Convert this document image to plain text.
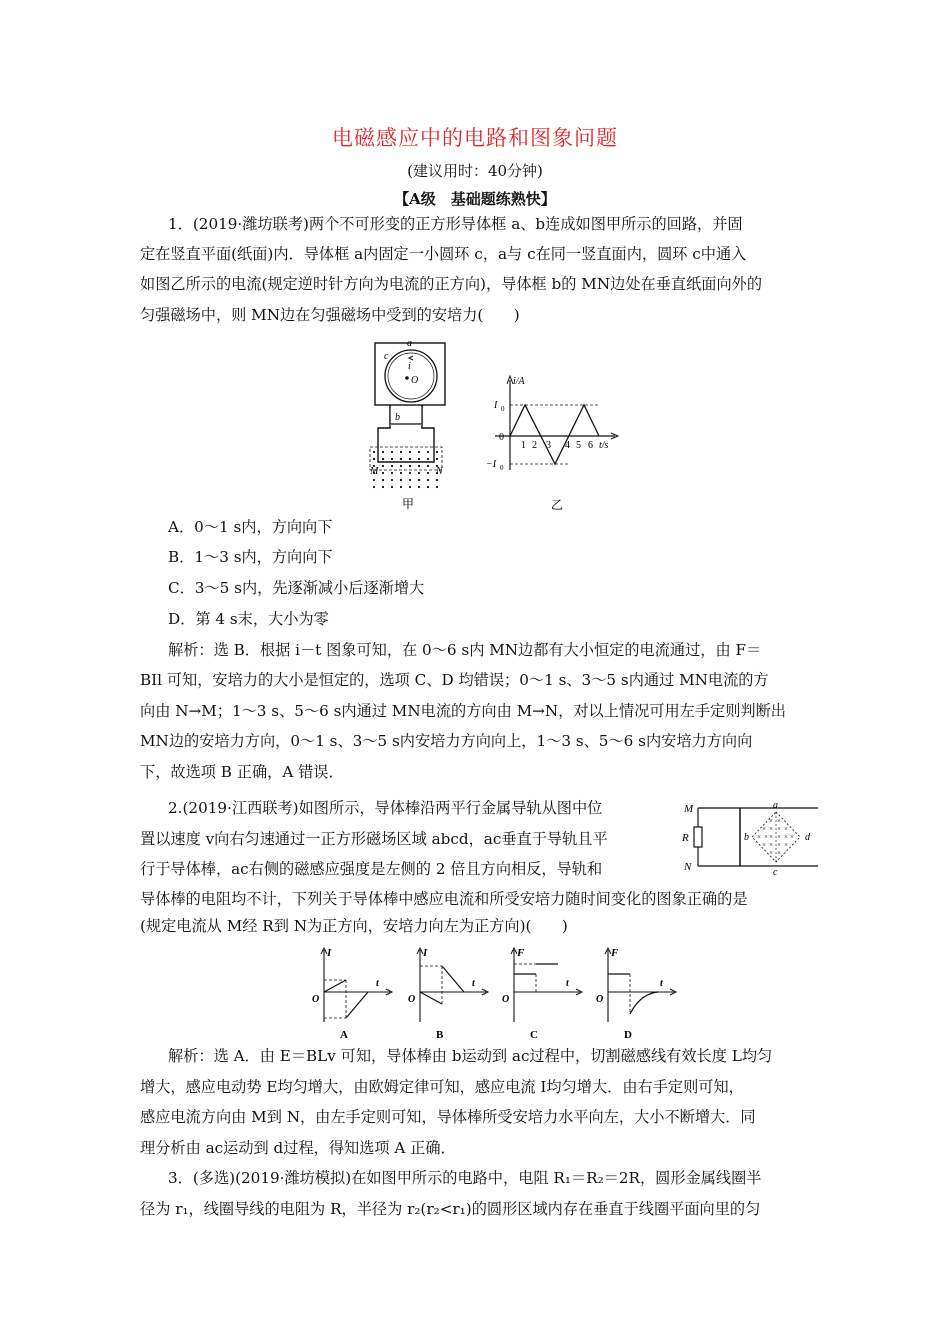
电磁感应中的电路和图象问题
(建议用时：40分钟)
【A级　基础题练熟快】
1．(2019·潍坊联考)两个不可形变的正方形导体框 a、b连成如图甲所示的回路，并固
定在竖直平面(纸面)内．导体框 a内固定一小圆环 c，a与 c在同一竖直面内，圆环 c中通入
如图乙所示的电流(规定逆时针方向为电流的正方向)，导体框 b的 MN边处在垂直纸面向外的
匀强磁场中，则 MN边在匀强磁场中受到的安培力(　　)
a
c
i
O
b
M	N
甲
i/A
I 0
−I 0
0
1 2 3 4 5 6 t/s
乙
A．0～1 s内，方向向下
B．1～3 s内，方向向下
C．3～5 s内，先逐渐减小后逐渐增大
D．第 4 s末，大小为零
解析：选 B．根据 i－t 图象可知，在 0～6 s内 MN边都有大小恒定的电流通过，由 F＝
BIl 可知，安培力的大小是恒定的，选项 C、D 均错误；0～1 s、3～5 s内通过 MN电流的方
向由 N→M；1～3 s、5～6 s内通过 MN电流的方向由 M→N，对以上情况可用左手定则判断出
MN边的安培力方向，0～1 s、3～5 s内安培力方向向上，1～3 s、5～6 s内安培力方向向
下，故选项 B 正确，A 错误．
2.(2019·江西联考)如图所示，导体棒沿两平行金属导轨从图中位
置以速度 v向右匀速通过一正方形磁场区域 abcd，ac垂直于导轨且平
行于导体棒，ac右侧的磁感应强度是左侧的 2 倍且方向相反，导轨和
导体棒的电阻均不计，下列关于导体棒中感应电流和所受安培力随时间变化的图象正确的是
(规定电流从 M经 R到 N为正方向，安培力向左为正方向)(　　)
× ×
× × × ×
× × × × × ×
× × × ×
× ×
M
R
N
a
b
c
d
I
O
t
A
I
O
t
B
F
O
t
C
F
O
t
D
解析：选 A．由 E＝BLv 可知，导体棒由 b运动到 ac过程中，切割磁感线有效长度 L均匀
增大，感应电动势 E均匀增大，由欧姆定律可知，感应电流 I均匀增大．由右手定则可知，
感应电流方向由 M到 N，由左手定则可知，导体棒所受安培力水平向左，大小不断增大．同
理分析由 ac运动到 d过程，得知选项 A 正确．
3．(多选)(2019·潍坊模拟)在如图甲所示的电路中，电阻 R₁＝R₂＝2R，圆形金属线圈半
径为 r₁，线圈导线的电阻为 R，半径为 r₂(r₂<r₁)的圆形区域内存在垂直于线圈平面向里的匀
